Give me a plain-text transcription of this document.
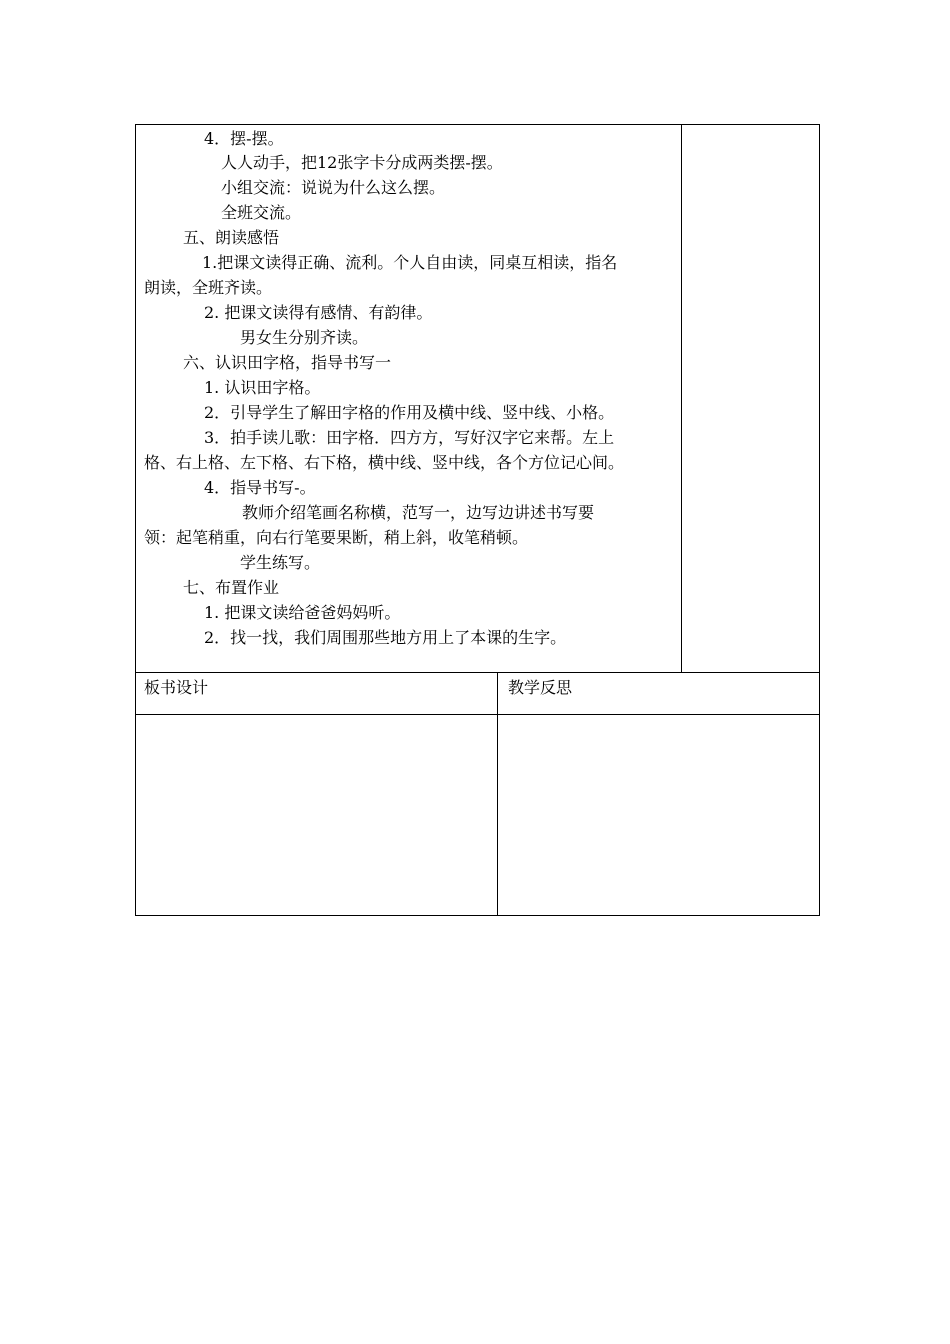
4．摆-摆。
人人动手，把12张字卡分成两类摆-摆。
小组交流：说说为什么这么摆。
全班交流。
五、朗读感悟
1.把课文读得正确、流利。个人自由读，同桌互相读，指名
朗读，全班齐读。
2. 把课文读得有感情、有韵律。
男女生分别齐读。
六、认识田字格，指导书写一
1. 认识田字格。
2．引导学生了解田字格的作用及横中线、竖中线、小格。
3．拍手读儿歌：田字格．四方方，写好汉字它来帮。左上
格、右上格、左下格、右下格，横中线、竖中线，各个方位记心间。
4．指导书写-。
教师介绍笔画名称横，范写一，边写边讲述书写要
领：起笔稍重，向右行笔要果断，稍上斜，收笔稍顿。
学生练写。
七、布置作业
1. 把课文读给爸爸妈妈听。
2．找一找，我们周围那些地方用上了本课的生字。
板书设计	教学反思
